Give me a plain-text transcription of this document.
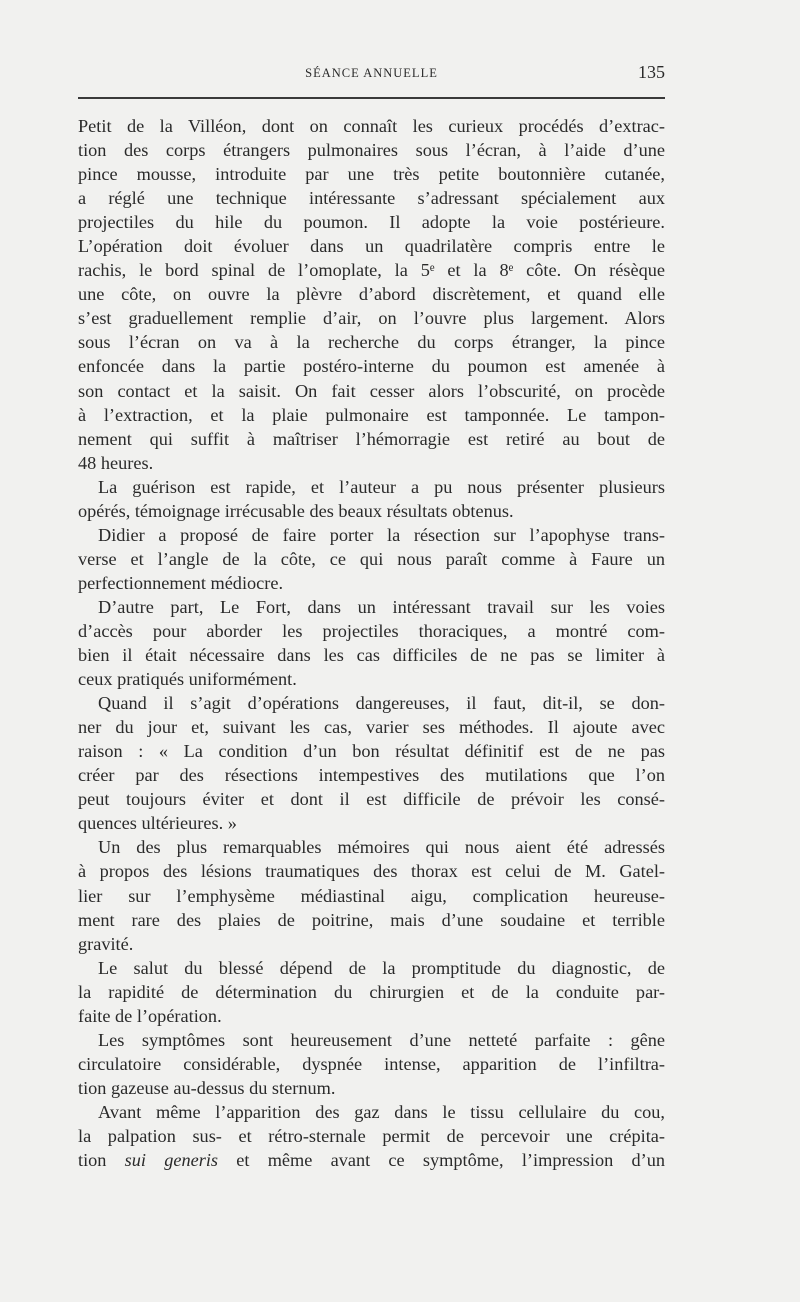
SÉANCE ANNUELLE	135
Petit de la Villéon, dont on connaît les curieux procédés d’extrac-
tion des corps étrangers pulmonaires sous l’écran, à l’aide d’une
pince mousse, introduite par une très petite boutonnière cutanée,
a réglé une technique intéressante s’adressant spécialement aux
projectiles du hile du poumon. Il adopte la voie postérieure.
L’opération doit évoluer dans un quadrilatère compris entre le
rachis, le bord spinal de l’omoplate, la 5ᵉ et la 8ᵉ côte. On résèque
une côte, on ouvre la plèvre d’abord discrètement, et quand elle
s’est graduellement remplie d’air, on l’ouvre plus largement. Alors
sous l’écran on va à la recherche du corps étranger, la pince
enfoncée dans la partie postéro-interne du poumon est amenée à
son contact et la saisit. On fait cesser alors l’obscurité, on procède
à l’extraction, et la plaie pulmonaire est tamponnée. Le tampon-
nement qui suffit à maîtriser l’hémorragie est retiré au bout de
48 heures.
La guérison est rapide, et l’auteur a pu nous présenter plusieurs
opérés, témoignage irrécusable des beaux résultats obtenus.
Didier a proposé de faire porter la résection sur l’apophyse trans-
verse et l’angle de la côte, ce qui nous paraît comme à Faure un
perfectionnement médiocre.
D’autre part, Le Fort, dans un intéressant travail sur les voies
d’accès pour aborder les projectiles thoraciques, a montré com-
bien il était nécessaire dans les cas difficiles de ne pas se limiter à
ceux pratiqués uniformément.
Quand il s’agit d’opérations dangereuses, il faut, dit-il, se don-
ner du jour et, suivant les cas, varier ses méthodes. Il ajoute avec
raison : « La condition d’un bon résultat définitif est de ne pas
créer par des résections intempestives des mutilations que l’on
peut toujours éviter et dont il est difficile de prévoir les consé-
quences ultérieures. »
Un des plus remarquables mémoires qui nous aient été adressés
à propos des lésions traumatiques des thorax est celui de M. Gatel-
lier sur l’emphysème médiastinal aigu, complication heureuse-
ment rare des plaies de poitrine, mais d’une soudaine et terrible
gravité.
Le salut du blessé dépend de la promptitude du diagnostic, de
la rapidité de détermination du chirurgien et de la conduite par-
faite de l’opération.
Les symptômes sont heureusement d’une netteté parfaite : gêne
circulatoire considérable, dyspnée intense, apparition de l’infiltra-
tion gazeuse au-dessus du sternum.
Avant même l’apparition des gaz dans le tissu cellulaire du cou,
la palpation sus- et rétro-sternale permit de percevoir une crépita-
tion sui generis et même avant ce symptôme, l’impression d’un
